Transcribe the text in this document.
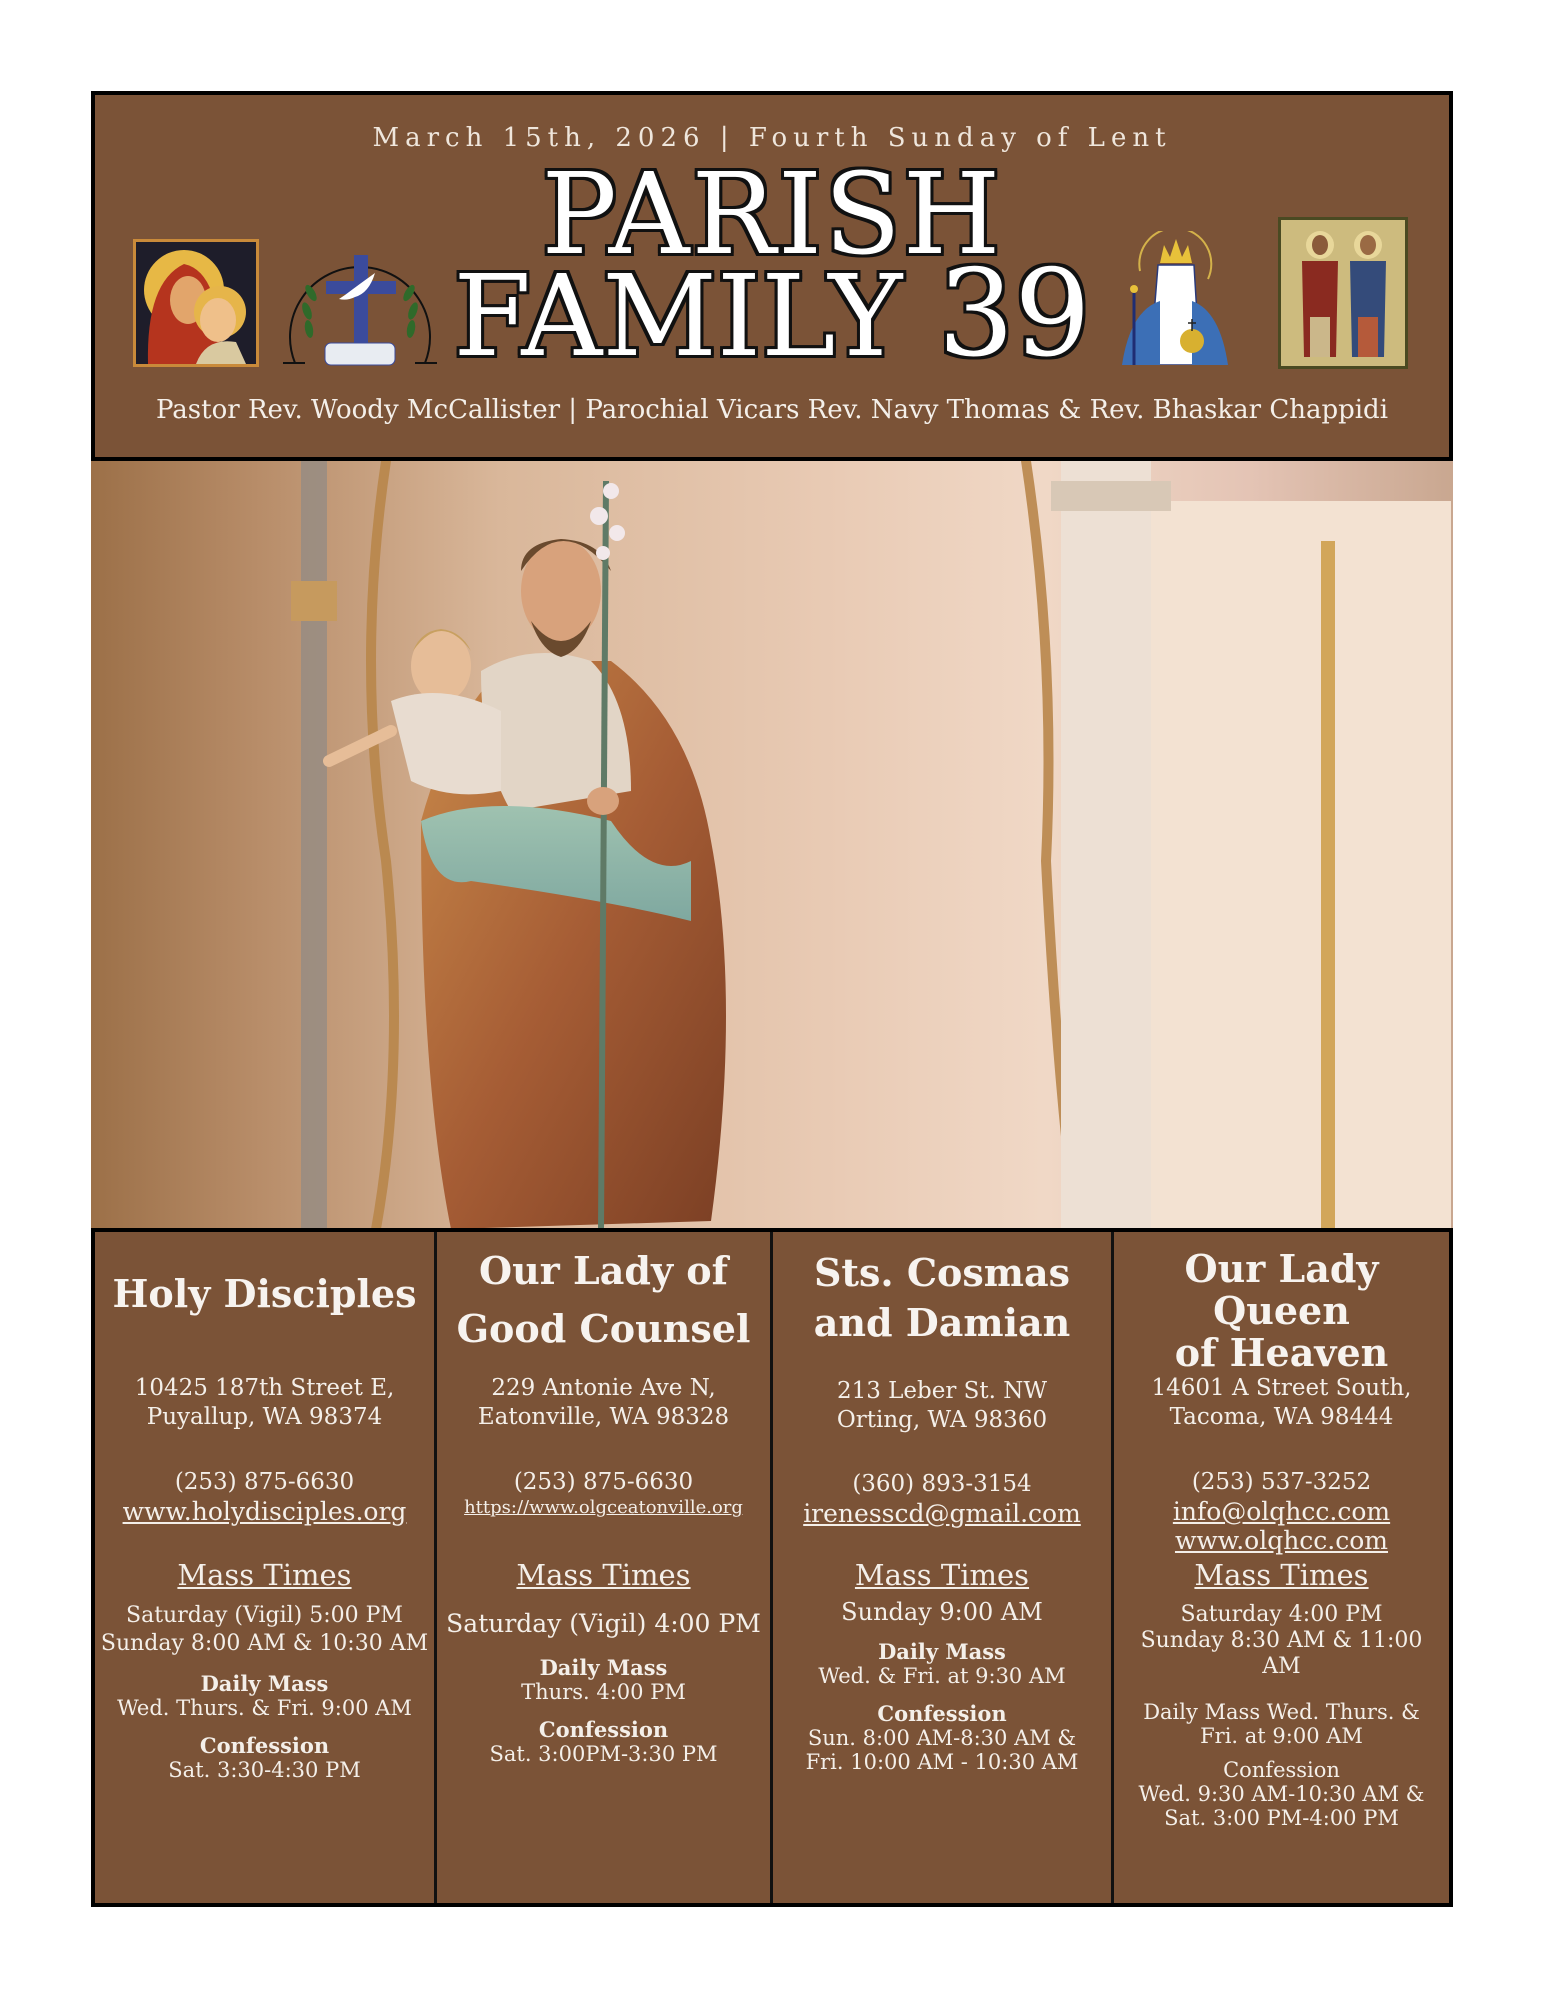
March 15th, 2026 | Fourth Sunday of Lent
PARISH
FAMILY 39
Pastor Rev. Woody McCallister | Parochial Vicars Rev. Navy Thomas & Rev. Bhaskar Chappidi
Holy Disciples
10425 187th Street E,
Puyallup, WA 98374
(253) 875-6630
www.holydisciples.org
Mass Times
Saturday (Vigil) 5:00 PM
Sunday 8:00 AM & 10:30 AM
Daily Mass
Wed. Thurs. & Fri. 9:00 AM
Confession
Sat. 3:30-4:30 PM
Our Lady of
Good Counsel
229 Antonie Ave N,
Eatonville, WA 98328
(253) 875-6630
https://www.olgceatonville.org
Mass Times
Saturday (Vigil) 4:00 PM
Daily Mass
Thurs. 4:00 PM
Confession
Sat. 3:00PM-3:30 PM
Sts. Cosmas
and Damian
213 Leber St. NW
Orting, WA 98360
(360) 893-3154
irenesscd@gmail.com
Mass Times
Sunday 9:00 AM
Daily Mass
Wed. & Fri. at 9:30 AM
Confession
Sun. 8:00 AM-8:30 AM &
Fri. 10:00 AM - 10:30 AM
Our Lady Queen
of Heaven
14601 A Street South,
Tacoma, WA 98444
(253) 537-3252
info@olqhcc.com
www.olqhcc.com
Mass Times
Saturday 4:00 PM
Sunday 8:30 AM & 11:00
AM
Daily Mass Wed. Thurs. &
Fri. at 9:00 AM
Confession
Wed. 9:30 AM-10:30 AM &
Sat. 3:00 PM-4:00 PM
